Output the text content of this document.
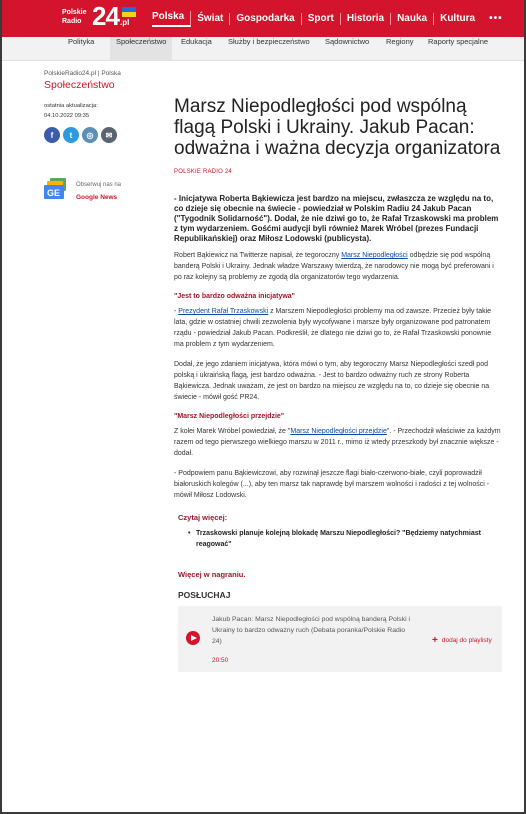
Polskie
Radio 24 .pl
Polska	Świat	Gospodarka	Sport	Historia	Nauka	Kultura	•••
Polityka	Społeczeństwo	Edukacja Służby i bezpieczeństwo Sądownictwo Regiony Raporty specjalne
PolskieRadio24.pl | Polska
Społeczeństwo
ostatnia aktualizacja:
04.10.2022 09:35
f	t	◎	✉
GE
Obserwuj nas na
Google News
Marsz Niepodległości pod wspólną flagą Polski i Ukrainy. Jakub Pacan: odważna i ważna decyzja organizatora
POLSKIE RADIO 24
- Inicjatywa Roberta Bąkiewicza jest bardzo na miejscu, zwłaszcza ze względu na to, co dzieje się obecnie na świecie - powiedział w Polskim Radiu 24 Jakub Pacan ("Tygodnik Solidarność"). Dodał, że nie dziwi go to, że Rafał Trzaskowski ma problem z tym wydarzeniem. Gośćmi audycji byli również Marek Wróbel (prezes Fundacji Republikańskiej) oraz Miłosz Lodowski (publicysta).

Robert Bąkiewicz na Twitterze napisał, że tegoroczny Marsz Niepodległości odbędzie się pod wspólną banderą Polski i Ukrainy. Jednak władze Warszawy twierdzą, że narodowcy nie mogą być preferowani i po raz kolejny są problemy ze zgodą dla organizatorów tego wydarzenia.

"Jest to bardzo odważna inicjatywa"

- Prezydent Rafał Trzaskowski z Marszem Niepodległości problemy ma od zawsze. Przecież były takie lata, gdzie w ostatniej chwili zezwolenia były wycofywane i marsze były organizowane pod patronatem rządu - powiedział Jakub Pacan. Podkreślił, że dlatego nie dziwi go to, że Rafał Trzaskowski ponownie ma problem z tym wydarzeniem.

Dodał, że jego zdaniem inicjatywa, która mówi o tym, aby tegoroczny Marsz Niepodległości szedł pod polską i ukraińską flagą, jest bardzo odważna. - Jest to bardzo odważny ruch ze strony Roberta Bąkiewicza. Jednak uważam, że jest on bardzo na miejscu ze względu na to, co dzieje się obecnie na świecie - mówił gość PR24.

"Marsz Niepodległości przejdzie"

Z kolei Marek Wróbel powiedział, że "Marsz Niepodległości przejdzie". - Przechodził właściwie za każdym razem od tego pierwszego wielkiego marszu w 2011 r., mimo iż wtedy przeszkody był znacznie większe - dodał.

- Podpowiem panu Bąkiewiczowi, aby rozwinął jeszcze flagi biało-czerwono-białe, czyli poprowadził białoruskich kolegów (...), aby ten marsz tak naprawdę był marszem wolności i radości z tej wolności - mówił Miłosz Lodowski.

Czytaj więcej:
• Trzaskowski planuje kolejną blokadę Marszu Niepodległości? "Będziemy natychmiast reagować"
Więcej w nagraniu.
POSŁUCHAJ
Jakub Pacan: Marsz Niepodległości pod wspólną banderą Polski i Ukrainy to bardzo odważny ruch (Debata poranka/Polskie Radio 24)
20:50
+ dodaj do playlisty
